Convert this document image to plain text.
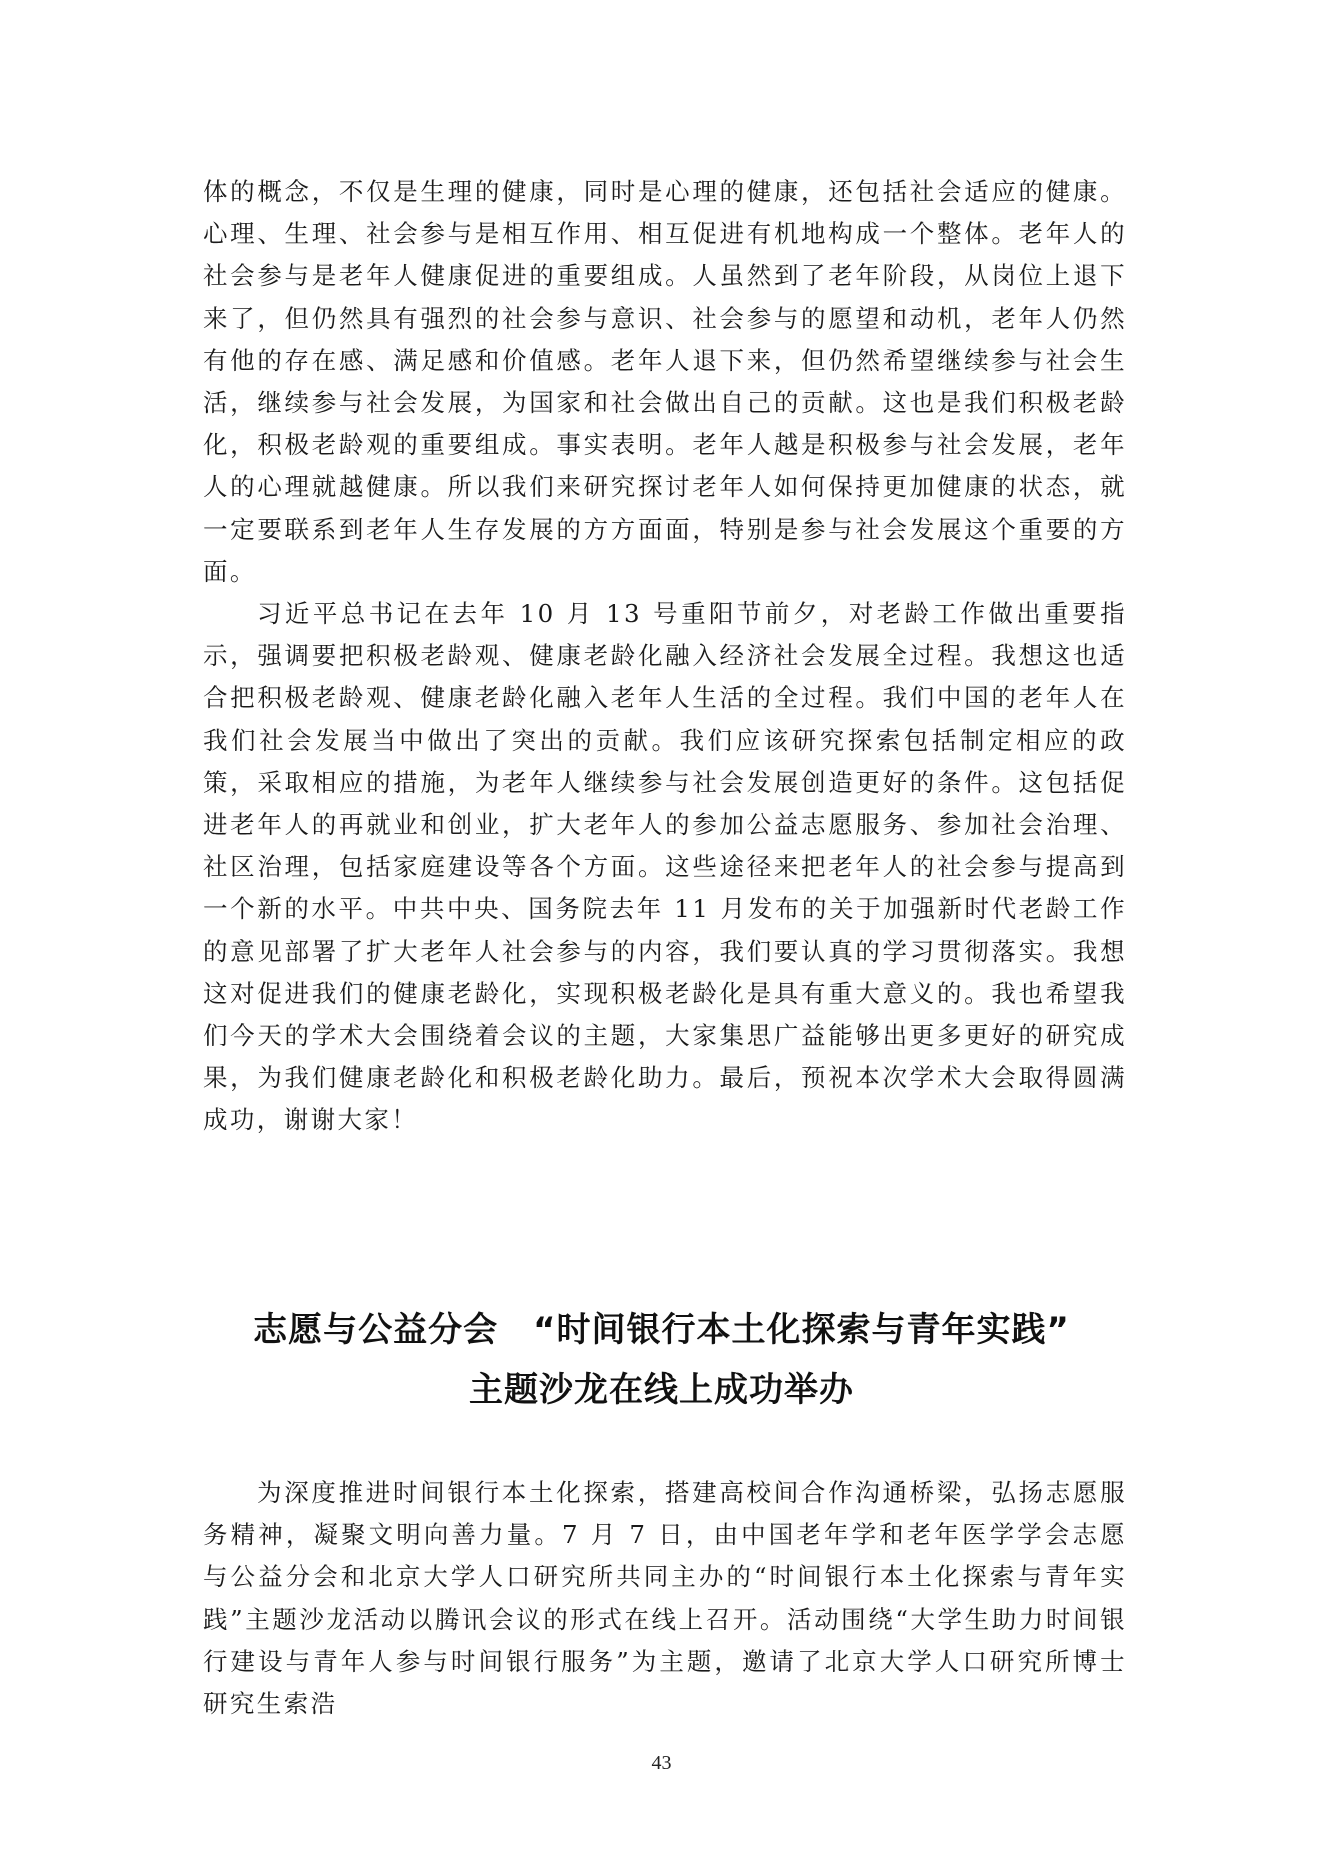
体的概念，不仅是生理的健康，同时是心理的健康，还包括社会适应的健康。心理、生理、社会参与是相互作用、相互促进有机地构成一个整体。老年人的社会参与是老年人健康促进的重要组成。人虽然到了老年阶段，从岗位上退下来了，但仍然具有强烈的社会参与意识、社会参与的愿望和动机，老年人仍然有他的存在感、满足感和价值感。老年人退下来，但仍然希望继续参与社会生活，继续参与社会发展，为国家和社会做出自己的贡献。这也是我们积极老龄化，积极老龄观的重要组成。事实表明。老年人越是积极参与社会发展，老年人的心理就越健康。所以我们来研究探讨老年人如何保持更加健康的状态，就一定要联系到老年人生存发展的方方面面，特别是参与社会发展这个重要的方面。

习近平总书记在去年 10 月 13 号重阳节前夕，对老龄工作做出重要指示，强调要把积极老龄观、健康老龄化融入经济社会发展全过程。我想这也适合把积极老龄观、健康老龄化融入老年人生活的全过程。我们中国的老年人在我们社会发展当中做出了突出的贡献。我们应该研究探索包括制定相应的政策，采取相应的措施，为老年人继续参与社会发展创造更好的条件。这包括促进老年人的再就业和创业，扩大老年人的参加公益志愿服务、参加社会治理、社区治理，包括家庭建设等各个方面。这些途径来把老年人的社会参与提高到一个新的水平。中共中央、国务院去年 11 月发布的关于加强新时代老龄工作的意见部署了扩大老年人社会参与的内容，我们要认真的学习贯彻落实。我想这对促进我们的健康老龄化，实现积极老龄化是具有重大意义的。我也希望我们今天的学术大会围绕着会议的主题，大家集思广益能够出更多更好的研究成果，为我们健康老龄化和积极老龄化助力。最后，预祝本次学术大会取得圆满成功，谢谢大家！

志愿与公益分会　“时间银行本土化探索与青年实践”
主题沙龙在线上成功举办

为深度推进时间银行本土化探索，搭建高校间合作沟通桥梁，弘扬志愿服务精神，凝聚文明向善力量。7 月 7 日，由中国老年学和老年医学学会志愿与公益分会和北京大学人口研究所共同主办的“时间银行本土化探索与青年实践”主题沙龙活动以腾讯会议的形式在线上召开。活动围绕“大学生助力时间银行建设与青年人参与时间银行服务”为主题，邀请了北京大学人口研究所博士研究生索浩

43
